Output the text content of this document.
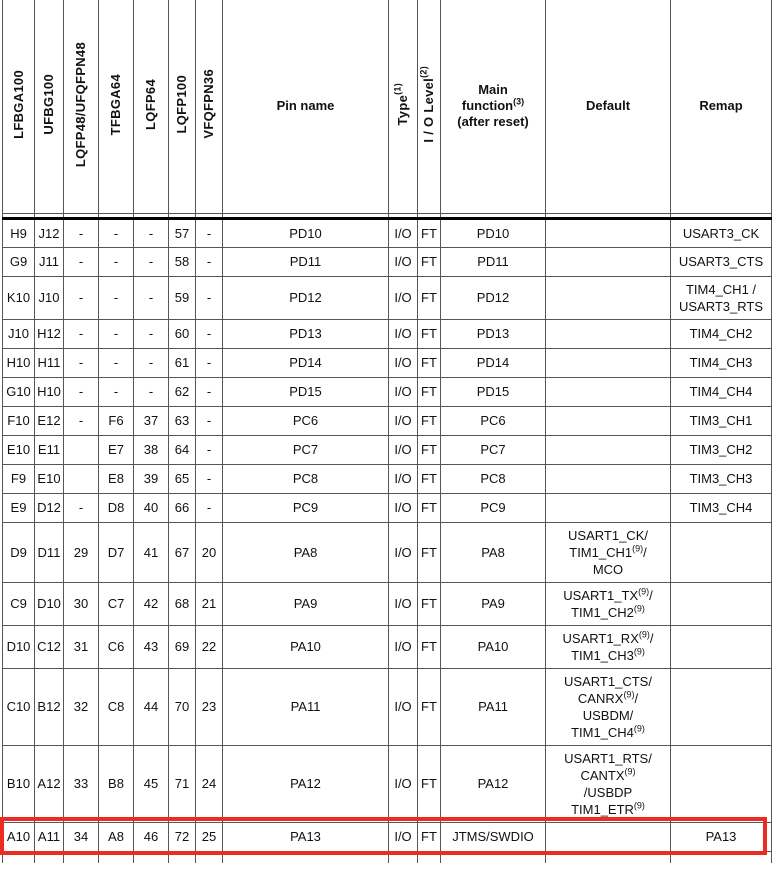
LFBGA100	UFBG100	LQFP48/UFQFPN48	TFBGA64	LQFP64	LQFP100	VFQFPN36	Pin name	Type$^{(1)}$	I / O Level$^{(2)}$	Main
function$^{(3)}$
(after reset)	Default	Remap

H9	J12	-	-	-	57	-	PD10	I/O	FT	PD10		USART3_CK
G9	J11	-	-	-	58	-	PD11	I/O	FT	PD11		USART3_CTS
K10	J10	-	-	-	59	-	PD12	I/O	FT	PD12		TIM4_CH1 /
USART3_RTS
J10	H12	-	-	-	60	-	PD13	I/O	FT	PD13		TIM4_CH2
H10	H11	-	-	-	61	-	PD14	I/O	FT	PD14		TIM4_CH3
G10	H10	-	-	-	62	-	PD15	I/O	FT	PD15		TIM4_CH4
F10	E12	-	F6	37	63	-	PC6	I/O	FT	PC6		TIM3_CH1
E10	E11		E7	38	64	-	PC7	I/O	FT	PC7		TIM3_CH2
F9	E10		E8	39	65	-	PC8	I/O	FT	PC8		TIM3_CH3
E9	D12	-	D8	40	66	-	PC9	I/O	FT	PC9		TIM3_CH4
D9	D11	29	D7	41	67	20	PA8	I/O	FT	PA8	USART1_CK/
TIM1_CH1$^{(9)}$/
MCO	
C9	D10	30	C7	42	68	21	PA9	I/O	FT	PA9	USART1_TX$^{(9)}$/
TIM1_CH2$^{(9)}$	
D10	C12	31	C6	43	69	22	PA10	I/O	FT	PA10	USART1_RX$^{(9)}$/
TIM1_CH3$^{(9)}$	
C10	B12	32	C8	44	70	23	PA11	I/O	FT	PA11	USART1_CTS/
CANRX$^{(9)}$/
USBDM/
TIM1_CH4$^{(9)}$	
B10	A12	33	B8	45	71	24	PA12	I/O	FT	PA12	USART1_RTS/
CANTX$^{(9)}$
/USBDP
TIM1_ETR$^{(9)}$	
A10	A11	34	A8	46	72	25	PA13	I/O	FT	JTMS/SWDIO		PA13
